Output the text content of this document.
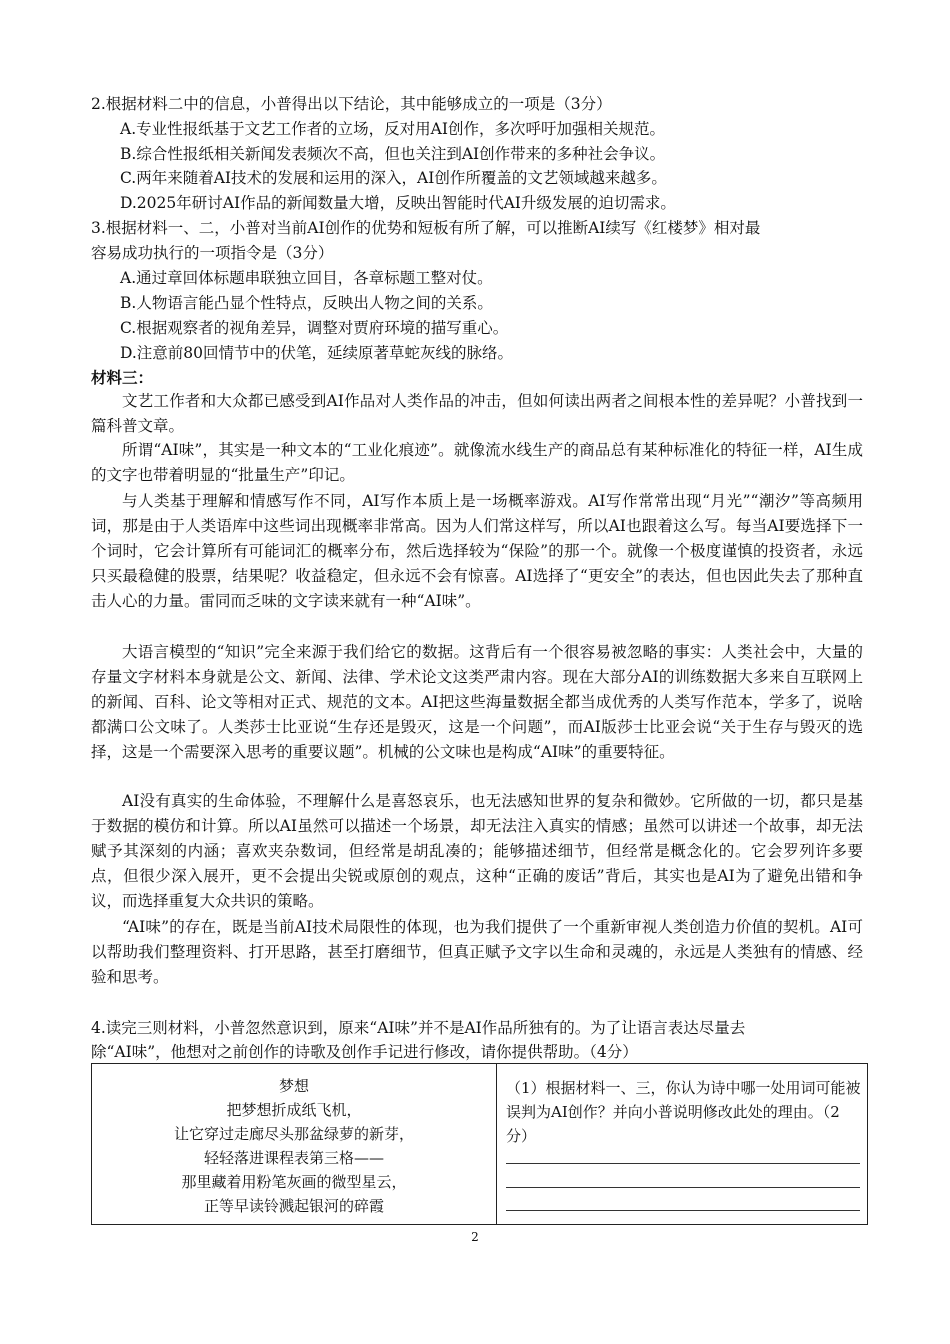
2.根据材料二中的信息，小普得出以下结论，其中能够成立的一项是（3分）
A.专业性报纸基于文艺工作者的立场，反对用AI创作，多次呼吁加强相关规范。
B.综合性报纸相关新闻发表频次不高，但也关注到AI创作带来的多种社会争议。
C.两年来随着AI技术的发展和运用的深入，AI创作所覆盖的文艺领域越来越多。
D.2025年研讨AI作品的新闻数量大增，反映出智能时代AI升级发展的迫切需求。
3.根据材料一、二，小普对当前AI创作的优势和短板有所了解，可以推断AI续写《红楼梦》相对最
容易成功执行的一项指令是（3分）
A.通过章回体标题串联独立回目，各章标题工整对仗。
B.人物语言能凸显个性特点，反映出人物之间的关系。
C.根据观察者的视角差异，调整对贾府环境的描写重心。
D.注意前80回情节中的伏笔，延续原著草蛇灰线的脉络。
材料三：

文艺工作者和大众都已感受到AI作品对人类作品的冲击，但如何读出两者之间根本性的差异呢？小普找到一篇科普文章。

所谓“AI味”，其实是一种文本的“工业化痕迹”。就像流水线生产的商品总有某种标准化的特征一样，AI生成的文字也带着明显的“批量生产”印记。

与人类基于理解和情感写作不同，AI写作本质上是一场概率游戏。AI写作常常出现“月光”“潮汐”等高频用词，那是由于人类语库中这些词出现概率非常高。因为人们常这样写，所以AI也跟着这么写。每当AI要选择下一个词时，它会计算所有可能词汇的概率分布，然后选择较为“保险”的那一个。就像一个极度谨慎的投资者，永远只买最稳健的股票，结果呢？收益稳定，但永远不会有惊喜。AI选择了“更安全”的表达，但也因此失去了那种直击人心的力量。雷同而乏味的文字读来就有一种“AI味”。

大语言模型的“知识”完全来源于我们给它的数据。这背后有一个很容易被忽略的事实：人类社会中，大量的存量文字材料本身就是公文、新闻、法律、学术论文这类严肃内容。现在大部分AI的训练数据大多来自互联网上的新闻、百科、论文等相对正式、规范的文本。AI把这些海量数据全都当成优秀的人类写作范本，学多了，说啥都满口公文味了。人类莎士比亚说“生存还是毁灭，这是一个问题”，而AI版莎士比亚会说“关于生存与毁灭的选择，这是一个需要深入思考的重要议题”。机械的公文味也是构成“AI味”的重要特征。

AI没有真实的生命体验，不理解什么是喜怒哀乐，也无法感知世界的复杂和微妙。它所做的一切，都只是基于数据的模仿和计算。所以AI虽然可以描述一个场景，却无法注入真实的情感；虽然可以讲述一个故事，却无法赋予其深刻的内涵；喜欢夹杂数词，但经常是胡乱凑的；能够描述细节，但经常是概念化的。它会罗列许多要点，但很少深入展开，更不会提出尖锐或原创的观点，这种“正确的废话”背后，其实也是AI为了避免出错和争议，而选择重复大众共识的策略。

“AI味”的存在，既是当前AI技术局限性的体现，也为我们提供了一个重新审视人类创造力价值的契机。AI可以帮助我们整理资料、打开思路，甚至打磨细节，但真正赋予文字以生命和灵魂的，永远是人类独有的情感、经验和思考。

4.读完三则材料，小普忽然意识到，原来“AI味”并不是AI作品所独有的。为了让语言表达尽量去
除“AI味”，他想对之前创作的诗歌及创作手记进行修改，请你提供帮助。（4分）
梦想
把梦想折成纸飞机，
让它穿过走廊尽头那盆绿萝的新芽，
轻轻落进课程表第三格——
那里藏着用粉笔灰画的微型星云，
正等早读铃溅起银河的碎霞

（1）根据材料一、三，你认为诗中哪一处用词可能被误判为AI创作？并向小普说明修改此处的理由。（2分）

2
